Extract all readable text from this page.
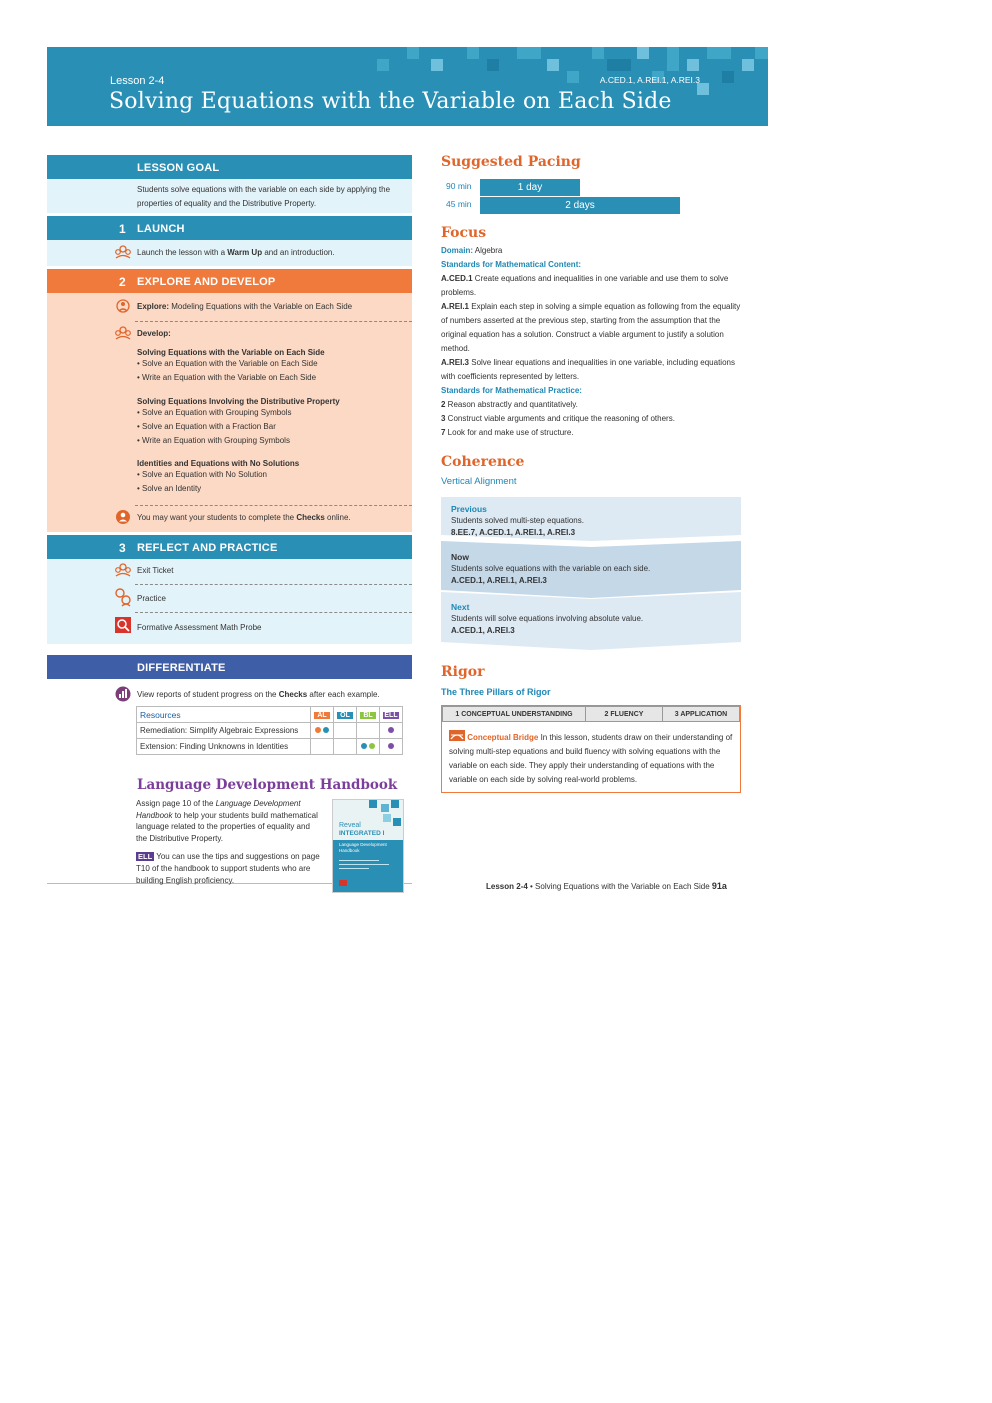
Lesson 2-4
Solving Equations with the Variable on Each Side
A.CED.1, A.REI.1, A.REI.3
LESSON GOAL
Students solve equations with the variable on each side by applying the properties of equality and the Distributive Property.
1 LAUNCH
Launch the lesson with a Warm Up and an introduction.
2 EXPLORE AND DEVELOP
Explore: Modeling Equations with the Variable on Each Side
Develop:
Solving Equations with the Variable on Each Side
• Solve an Equation with the Variable on Each Side
• Write an Equation with the Variable on Each Side
Solving Equations Involving the Distributive Property
• Solve an Equation with Grouping Symbols
• Solve an Equation with a Fraction Bar
• Write an Equation with Grouping Symbols
Identities and Equations with No Solutions
• Solve an Equation with No Solution
• Solve an Identity
You may want your students to complete the Checks online.
3 REFLECT AND PRACTICE
Exit Ticket
Practice
Formative Assessment Math Probe
DIFFERENTIATE
View reports of student progress on the Checks after each example.
Resources	AL	OL	BL	ELL
Remediation: Simplify Algebraic Expressions				
Extension: Finding Unknowns in Identities				
Language Development Handbook
Assign page 10 of the Language Development Handbook to help your students build mathematical language related to the properties of equality and the Distributive Property.
ELL You can use the tips and suggestions on page T10 of the handbook to support students who are building English proficiency.
Reveal
INTEGRATED I
Language Development
Handbook
Suggested Pacing
90 min
45 min
1 day
2 days
Focus
Domain: Algebra
Standards for Mathematical Content:
A.CED.1 Create equations and inequalities in one variable and use them to solve problems.
A.REI.1 Explain each step in solving a simple equation as following from the equality of numbers asserted at the previous step, starting from the assumption that the original equation has a solution. Construct a viable argument to justify a solution method.
A.REI.3 Solve linear equations and inequalities in one variable, including equations with coefficients represented by letters.
Standards for Mathematical Practice:
2 Reason abstractly and quantitatively.
3 Construct viable arguments and critique the reasoning of others.
7 Look for and make use of structure.
Coherence
Vertical Alignment
Previous
Students solved multi-step equations.
8.EE.7, A.CED.1, A.REI.1, A.REI.3
Now
Students solve equations with the variable on each side.
A.CED.1, A.REI.1, A.REI.3
Next
Students will solve equations involving absolute value.
A.CED.1, A.REI.3
Rigor
The Three Pillars of Rigor
1 CONCEPTUAL UNDERSTANDING	2 FLUENCY	3 APPLICATION
Conceptual Bridge In this lesson, students draw on their understanding of solving multi-step equations and build fluency with solving equations with the variable on each side. They apply their understanding of equations with the variable on each side by solving real-world problems.
Lesson 2-4 • Solving Equations with the Variable on Each Side 91a
